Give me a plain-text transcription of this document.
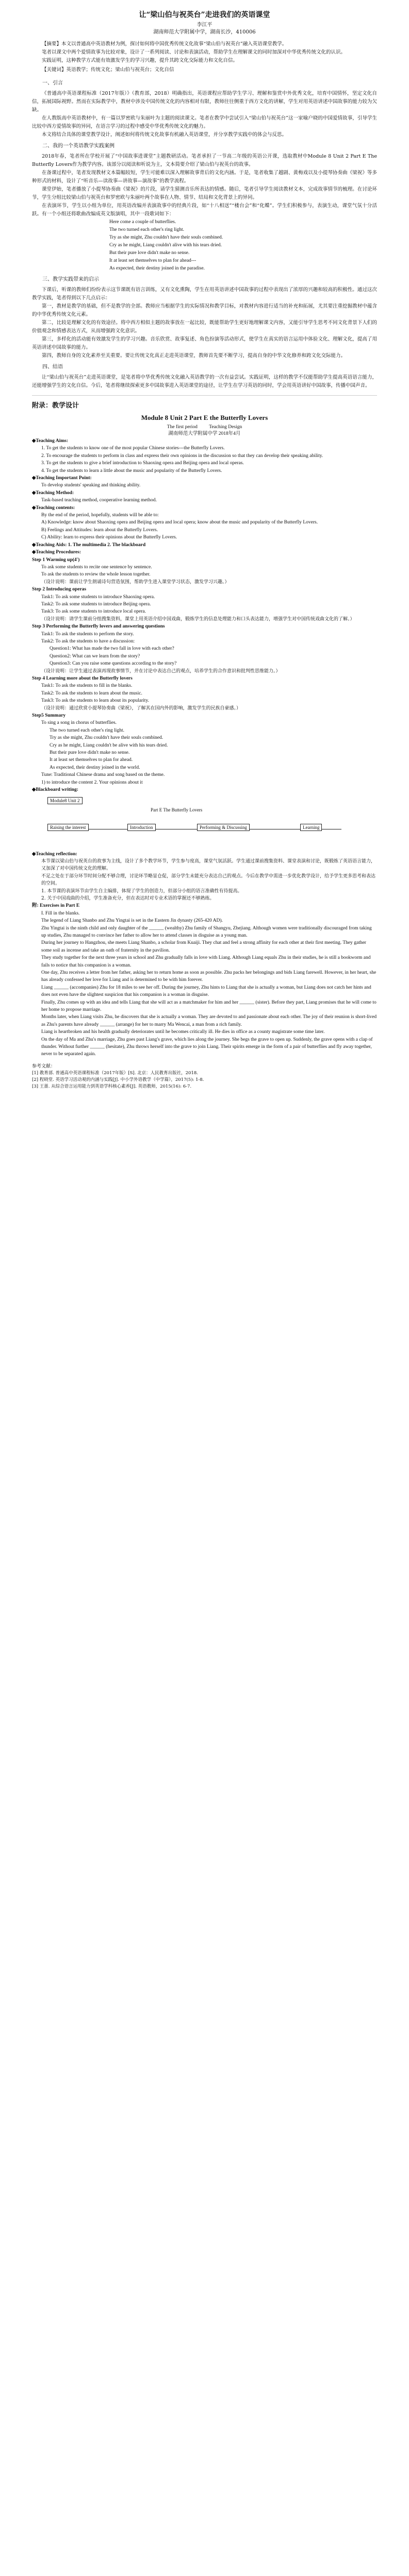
让“梁山伯与祝英台”走进我们的英语课堂
李江平
湖南师范大学附属中学，湖南长沙，410006

【摘要】本文以普通高中英语教材为例，探讨如何将中国优秀传统文化故事“梁山伯与祝英台”融入英语课堂教学。

笔者以课文中两个爱情故事为比较对象，设计了一系列阅读、讨论和表演活动，帮助学生在理解课文的同时加深对中华优秀传统文化的认识。

实践证明，这种教学方式能有效激发学生的学习兴趣，提升其跨文化交际能力和文化自信。

【关键词】英语教学；传统文化；梁山伯与祝英台；文化自信
一、引言

《普通高中英语课程标准（2017年版）》（教育部，2018）明确指出，英语课程应帮助学生学习、理解和鉴赏中外优秀文化，培育中国情怀，坚定文化自信，拓展国际视野。然而在实际教学中，教材中涉及中国传统文化的内容相对有限，教师往往侧重于西方文化的讲解，学生对用英语讲述中国故事的能力较为欠缺。

在人教版高中英语教材中，有一篇以罗密欧与朱丽叶为主题的阅读课文。笔者在教学中尝试引入“梁山伯与祝英台”这一家喻户晓的中国爱情故事，引导学生比较中西方爱情故事的异同，在语言学习的过程中感受中华优秀传统文化的魅力。

本文将结合具体的课堂教学设计，阐述如何将传统文化故事有机融入英语课堂，并分享教学实践中的体会与反思。

二、我的一个英语教学实践案例

2018年春，笔者所在学校开展了“中国故事进课堂”主题教研活动。笔者承担了一节高二年级的英语公开课，选取教材中Module 8 Unit 2 Part E The Butterfly Lovers作为教学内容。该部分以阅读和听说为主，文本简要介绍了梁山伯与祝英台的故事。

在备课过程中，笔者发现教材文本篇幅较短，学生可能难以深入理解故事背后的文化内涵。于是，笔者收集了越剧、黄梅戏以及小提琴协奏曲《梁祝》等多种形式的材料，设计了“听音乐—读故事—讲故事—演故事”的教学流程。

课堂伊始，笔者播放了小提琴协奏曲《梁祝》的片段，请学生猜测音乐所表达的情感。随后，笔者引导学生阅读教材文本，完成故事情节的梳理。在讨论环节，学生分组比较梁山伯与祝英台和罗密欧与朱丽叶两个故事在人物、情节、结局和文化背景上的异同。

在表演环节，学生以小组为单位，用英语改编并表演故事中的经典片段，如“十八相送”“楼台会”和“化蝶”。学生们积极参与，表演生动，课堂气氛十分活跃。有一个小组还将歌曲改编成英文版演唱，其中一段歌词如下：

Here come a couple of butterflies.

The two turned each other's ring light.

Try as she might, Zhu couldn't have their souls combined.

Cry as he might, Liang couldn't alive with his tears dried.

But their pure love didn't make no sense.

It at least set themselves to plan for ahead---

As expected, their destiny joined in the paradise.

三、教学实践带来的启示

下课后，听课的教师们纷纷表示这节课既有语言训练，又有文化熏陶，学生在用英语讲述中国故事的过程中表现出了浓厚的兴趣和较高的积极性。通过这次教学实践，笔者得到以下几点启示：

第一，教材是教学的基础，但不是教学的全部。教师应当根据学生的实际情况和教学目标，对教材内容进行适当的补充和拓展，尤其要注重挖掘教材中蕴含的中华优秀传统文化元素。

第二，比较是理解文化的有效途径。将中西方相似主题的故事放在一起比较，既能帮助学生更好地理解课文内容，又能引导学生思考不同文化背景下人们的价值观念和情感表达方式，从而增强跨文化意识。

第三，多样化的活动能有效激发学生的学习兴趣。音乐欣赏、故事复述、角色扮演等活动形式，使学生在真实的语言运用中体验文化、理解文化，提高了用英语讲述中国故事的能力。

第四，教师自身的文化素养至关重要。要让传统文化真正走进英语课堂，教师首先要不断学习，提高自身的中华文化修养和跨文化交际能力。

四、结语

让“梁山伯与祝英台”走进英语课堂，是笔者将中华优秀传统文化融入英语教学的一次有益尝试。实践证明，这样的教学不仅能帮助学生提高英语语言能力，还能增强学生的文化自信。今后，笔者将继续探索更多中国故事进入英语课堂的途径，让学生在学习英语的同时，学会用英语讲好中国故事，传播中国声音。

附录：教学设计
Module 8 Unit 2 Part E the Butterfly Lovers
The first period Teaching Design
湖南师范大学附属中学 2018年4月

◆Teaching Aims:

1. To get the students to know one of the most popular Chinese stories---the Butterfly Lovers.

2. To encourage the students to perform in class and express their own opinions in the discussion so that they can develop their speaking ability.

3. To get the students to give a brief introduction to Shaoxing opera and Beijing opera and local operas.

4. To get the students to learn a little about the music and popularity of the Butterfly Lovers.

◆Teaching Important Point:

To develop students' speaking and thinking ability.

◆Teaching Method:

Task-based teaching method, cooperative learning method.

◆Teaching contents:

By the end of the period, hopefully, students will be able to:

A) Knowledge: know about Shaoxing opera and Beijing opera and local opera; know about the music and popularity of the Butterfly Lovers.

B) Feelings and Attitudes: learn about the Butterfly Lovers.

C) Ability: learn to express their opinions about the Butterfly Lovers.

◆Teaching Aids: 1. The multimedia 2. The blackboard

◆Teaching Procedures:

Step 1 Warming up(4')

To ask some students to recite one sentence by sentence.

To ask the students to review the whole lesson together.

（设计说明：课前让学生朗诵诗句营造氛围，帮助学生进入课堂学习状态，激发学习兴趣。）

Step 2 Introducing operas

Task1: To ask some students to introduce Shaoxing opera.

Task2: To ask some students to introduce Beijing opera.

Task3: To ask some students to introduce local opera.

（设计说明：请学生课前分组搜集资料，课堂上用英语介绍中国戏曲，锻炼学生的信息处理能力和口头表达能力，增强学生对中国传统戏曲文化的了解。）

Step 3 Performing the Butterfly lovers and answering questions

Task1: To ask the students to perform the story.

Task2: To ask the students to have a discussion:

Question1: What has made the two fall in love with each other?

Question2: What can we learn from the story?

Question3: Can you raise some questions according to the story?

（设计说明：让学生通过表演再现故事情节，并在讨论中表达自己的观点，培养学生的合作意识和批判性思维能力。）

Step 4 Learning more about the Butterfly lovers

Task1: To ask the students to fill in the blanks.

Task2: To ask the students to learn about the music.

Task3: To ask the students to learn about its popularity.

（设计说明：通过欣赏小提琴协奏曲《梁祝》，了解其在国内外的影响，激发学生的民族自豪感。）

Step5 Summary

To sing a song in chorus of butterflies.

The two turned each other's ring light.

Try as she might, Zhu couldn't have their souls combined.

Cry as he might, Liang couldn't be alive with his tears dried.

But their pure love didn't make no sense.

It at least set themselves to plan for ahead.

As expected, their destiny joined in the world.

Tune: Traditional Chinese drama and song based on the theme.

1) to introduce the content 2. Your opinions about it

◆Blackboard writing:

Module8 Unit 2
Part E The Butterfly Lovers
Raising the interest	Introduction	Performing & Discussing	Learning

◆Teaching reflection:

本节课以梁山伯与祝英台的故事为主线，设计了多个教学环节，学生参与度高，课堂气氛活跃。学生通过课前搜集资料、课堂表演和讨论，既锻炼了英语语言能力，又加深了对中国传统文化的理解。

不足之处在于部分环节时间分配不够合理，讨论环节略显仓促，部分学生未能充分表达自己的观点。今后在教学中需进一步优化教学设计，给予学生更多思考和表达的空间。

1. 本节课的表演环节由学生自主编排，体现了学生的创造力，但部分小组的语言准确性有待提高。

2. 关于中国戏曲的介绍，学生准备充分，但在表达时对专业术语的掌握还不够熟练。

附: Exercises in Part E

I. Fill in the blanks.

The legend of Liang Shanbo and Zhu Yingtai is set in the Eastern Jin dynasty (265-420 AD).

Zhu Yingtai is the ninth child and only daughter of the ______ (wealthy) Zhu family of Shangyu, Zhejiang. Although women were traditionally discouraged from taking up studies, Zhu managed to convince her father to allow her to attend classes in disguise as a young man.

During her journey to Hangzhou, she meets Liang Shanbo, a scholar from Kuaiji. They chat and feel a strong affinity for each other at their first meeting. They gather some soil as incense and take an oath of fraternity in the pavilion.

They study together for the next three years in school and Zhu gradually falls in love with Liang. Although Liang equals Zhu in their studies, he is still a bookworm and fails to notice that his companion is a woman.

One day, Zhu receives a letter from her father, asking her to return home as soon as possible. Zhu packs her belongings and bids Liang farewell. However, in her heart, she has already confessed her love for Liang and is determined to be with him forever.

Liang ______ (accompanies) Zhu for 18 miles to see her off. During the journey, Zhu hints to Liang that she is actually a woman, but Liang does not catch her hints and does not even have the slightest suspicion that his companion is a woman in disguise.

Finally, Zhu comes up with an idea and tells Liang that she will act as a matchmaker for him and her ______ (sister). Before they part, Liang promises that he will come to her home to propose marriage.

Months later, when Liang visits Zhu, he discovers that she is actually a woman. They are devoted to and passionate about each other. The joy of their reunion is short-lived as Zhu's parents have already ______ (arrange) for her to marry Ma Wencai, a man from a rich family.

Liang is heartbroken and his health gradually deteriorates until he becomes critically ill. He dies in office as a county magistrate some time later.

On the day of Ma and Zhu's marriage, Zhu goes past Liang's grave, which lies along the journey. She begs the grave to open up. Suddenly, the grave opens with a clap of thunder. Without further ______ (hesitate), Zhu throws herself into the grave to join Liang. Their spirits emerge in the form of a pair of butterflies and fly away together, never to be separated again.

参考文献：

[1] 教育部. 普通高中英语课程标准（2017年版）[S]. 北京：人民教育出版社，2018.

[2] 程晓堂. 英语学习活动观的内涵与实践[J]. 中小学外语教学（中学篇），2017(5): 1-8.

[3] 王蔷. 从综合语言运用能力到英语学科核心素养[J]. 英语教师，2015(16): 6-7.
